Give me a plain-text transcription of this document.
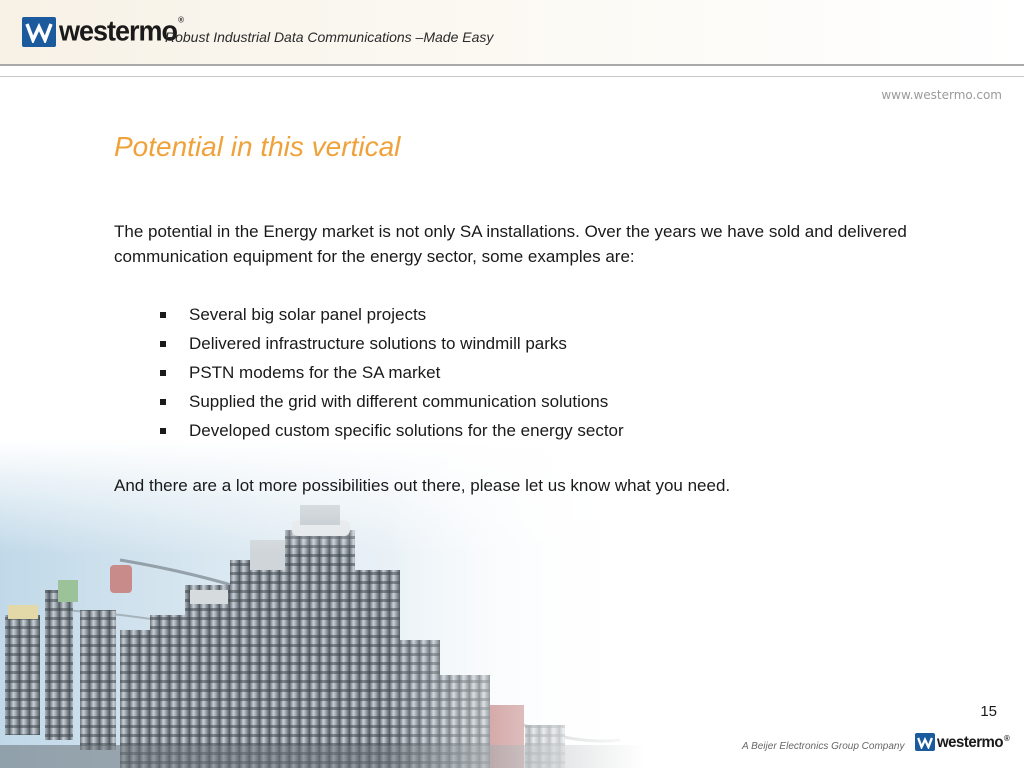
westermo®
Robust Industrial Data Communications –Made Easy
www.westermo.com
Potential in this vertical
The potential in the Energy market is not only SA installations. Over the years we have sold and delivered communication equipment for the energy sector, some examples are:
Several big solar panel projects
Delivered infrastructure solutions to windmill parks
PSTN modems for the SA market
Supplied the grid with different communication solutions
Developed custom specific solutions for the energy sector
And there are a lot more possibilities out there, please let us know what you need.
15
A Beijer Electronics Group Company westermo®
